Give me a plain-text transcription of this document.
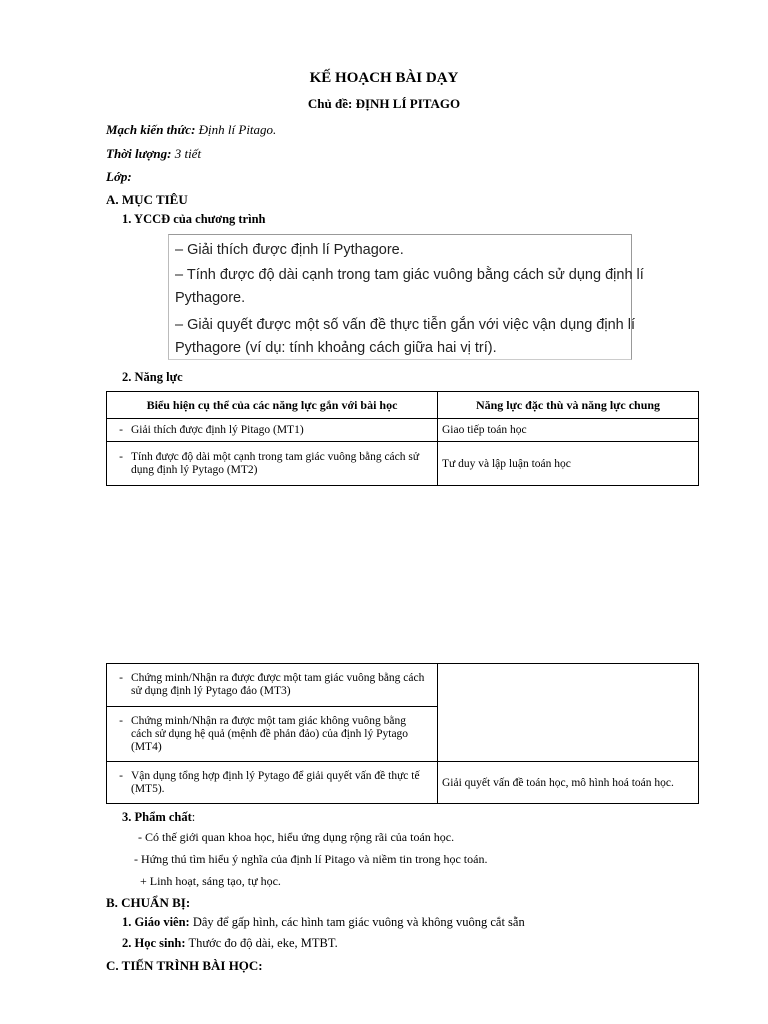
KẾ HOẠCH BÀI DẠY
Chủ đề: ĐỊNH LÍ PITAGO
Mạch kiến thức: Định lí Pitago.
Thời lượng: 3 tiết
Lớp:
A. MỤC TIÊU
1. YCCĐ của chương trình
– Giải thích được định lí Pythagore.
– Tính được độ dài cạnh trong tam giác vuông bằng cách sử dụng định lí
Pythagore.
– Giải quyết được một số vấn đề thực tiễn gắn với việc vận dụng định lí
Pythagore (ví dụ: tính khoảng cách giữa hai vị trí).
2. Năng lực
Biểu hiện cụ thể của các năng lực gắn với bài học	Năng lực đặc thù và năng lực chung
- Giải thích được định lý Pitago (MT1)	Giao tiếp toán học
- Tính được độ dài một cạnh trong tam giác vuông bằng cách sử dụng định lý Pytago (MT2)	Tư duy và lập luận toán học
- Chứng minh/Nhận ra được được một tam giác vuông bằng cách sử dụng định lý Pytago đảo (MT3)	
- Chứng minh/Nhận ra được một tam giác không vuông bằng cách sử dụng hệ quả (mệnh đề phản đảo) của định lý Pytago (MT4)	
- Vận dụng tổng hợp định lý Pytago để giải quyết vấn đề thực tế (MT5).	Giải quyết vấn đề toán học, mô hình hoá toán học.
3. Phẩm chất:
- Có thế giới quan khoa học, hiểu ứng dụng rộng rãi của toán học.
- Hứng thú tìm hiểu ý nghĩa của định lí Pitago và niềm tin trong học toán.
+ Linh hoạt, sáng tạo, tự học.
B. CHUẨN BỊ:
1. Giáo viên: Dây để gấp hình, các hình tam giác vuông và không vuông cắt sẵn
2. Học sinh: Thước đo độ dài, eke, MTBT.
C. TIẾN TRÌNH BÀI HỌC:
